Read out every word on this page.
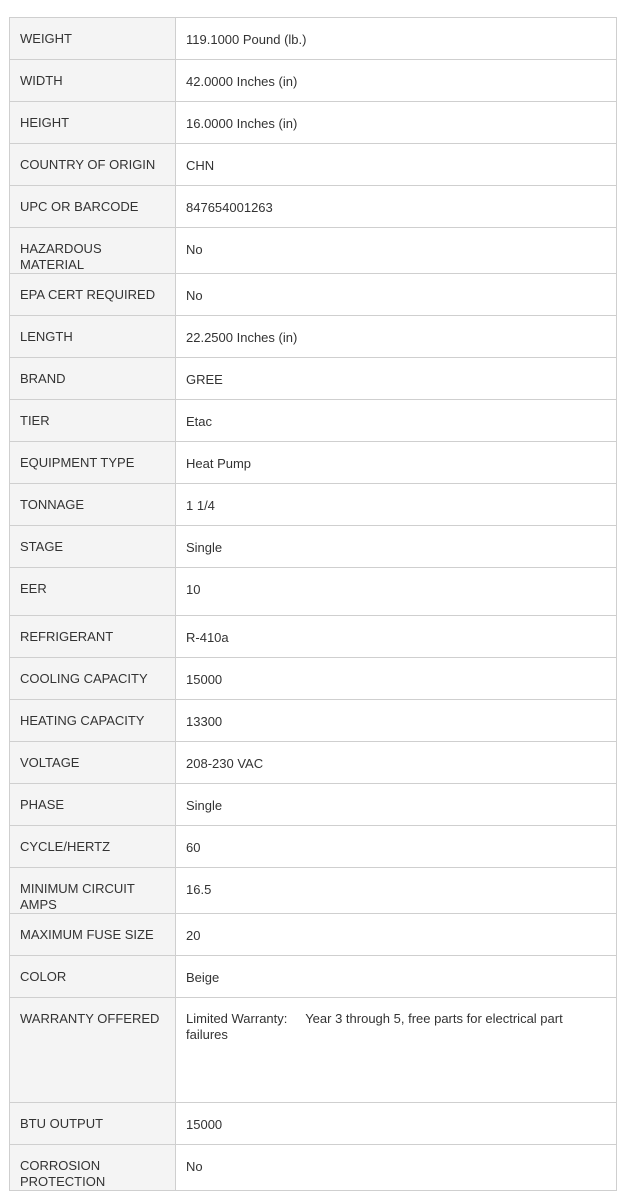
WEIGHT	119.1000 Pound (lb.)
WIDTH	42.0000 Inches (in)
HEIGHT	16.0000 Inches (in)
COUNTRY OF ORIGIN	CHN
UPC OR BARCODE	847654001263
HAZARDOUS MATERIAL	No
EPA CERT REQUIRED	No
LENGTH	22.2500 Inches (in)
BRAND	GREE
TIER	Etac
EQUIPMENT TYPE	Heat Pump
TONNAGE	1 1/4
STAGE	Single
EER	10
REFRIGERANT	R-410a
COOLING CAPACITY	15000
HEATING CAPACITY	13300
VOLTAGE	208-230 VAC
PHASE	Single
CYCLE/HERTZ	60
MINIMUM CIRCUIT AMPS	16.5
MAXIMUM FUSE SIZE	20
COLOR	Beige
WARRANTY OFFERED	Limited Warranty:     Year 3 through 5, free parts for electrical part failures
BTU OUTPUT	15000
CORROSION PROTECTION	No
